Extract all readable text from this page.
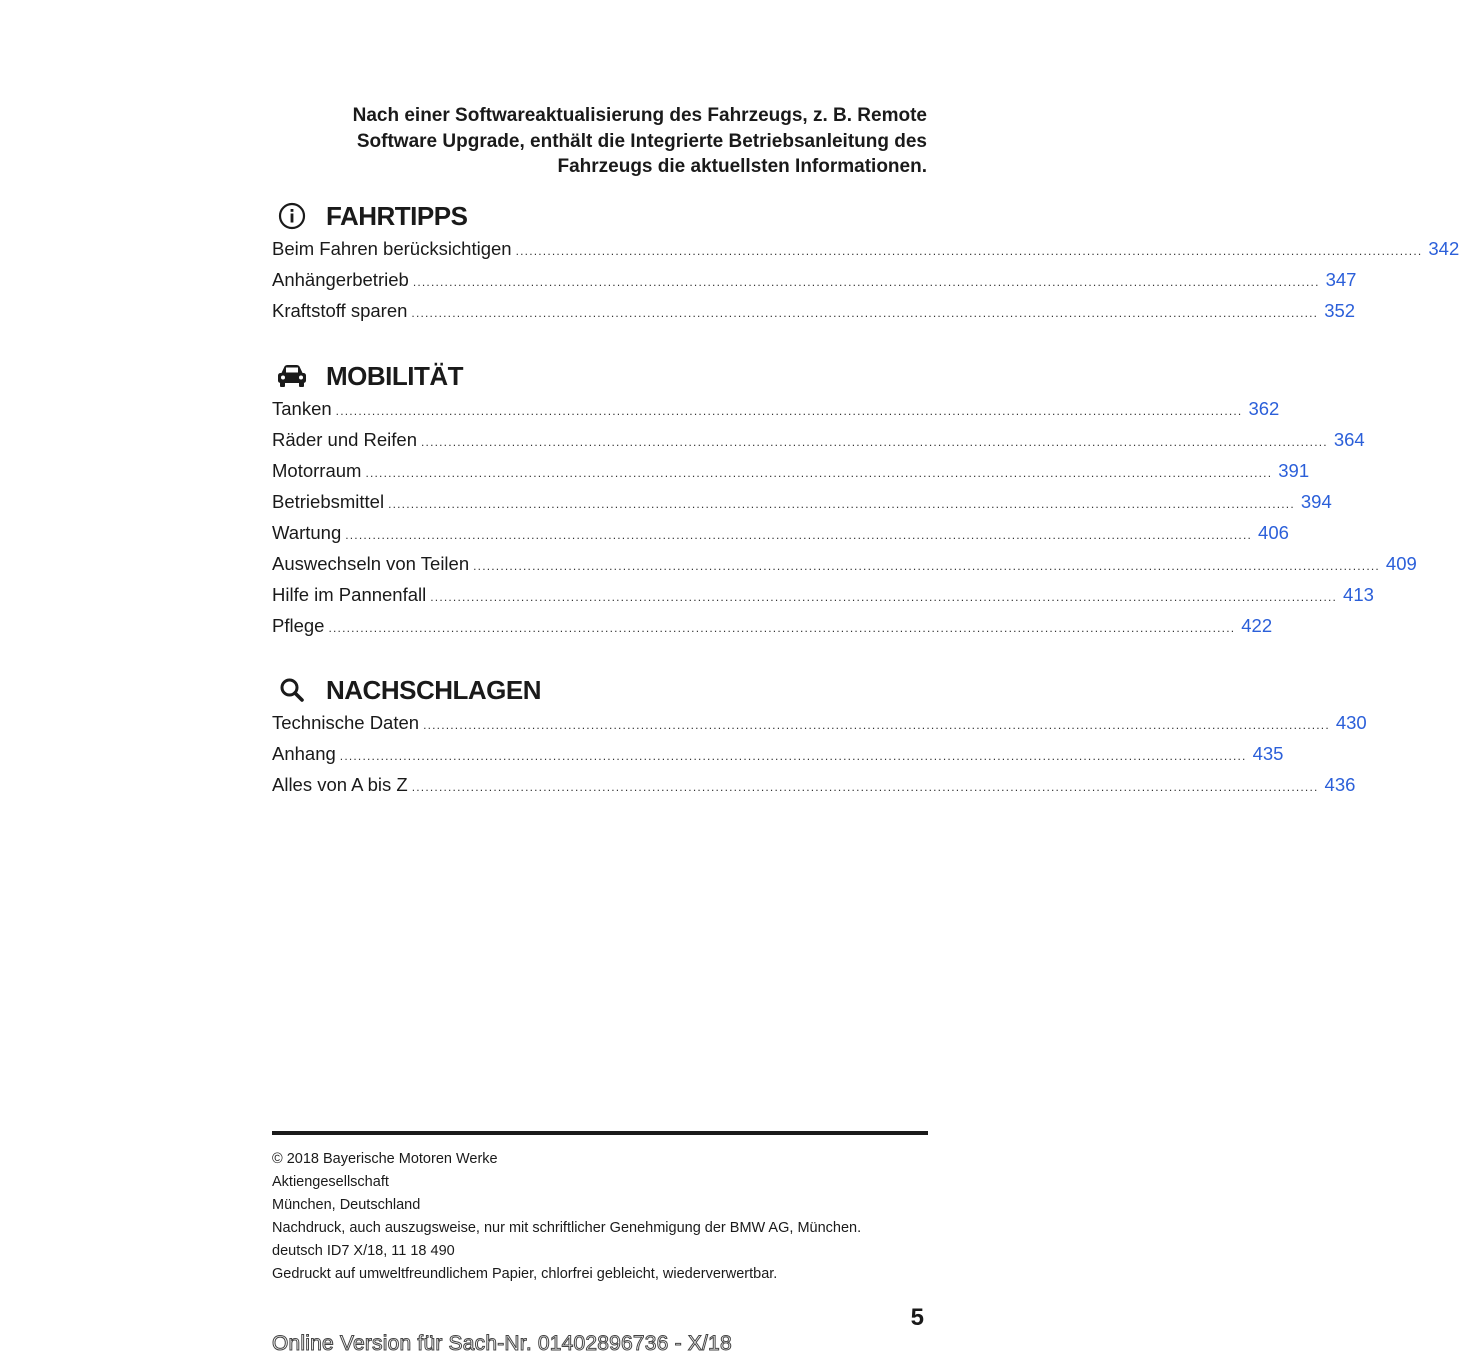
Nach einer Softwareaktualisierung des Fahrzeugs, z. B. Remote Software Upgrade, enthält die Integrierte Betriebsanleitung des Fahrzeugs die aktuellsten Informationen.
FAHRTIPPS
Beim Fahren berücksichtigen ........................................................................................................................................................................................................ 342
Anhängerbetrieb ........................................................................................................................................................................................................ 347
Kraftstoff sparen ........................................................................................................................................................................................................ 352
MOBILITÄT
Tanken ........................................................................................................................................................................................................ 362
Räder und Reifen ........................................................................................................................................................................................................ 364
Motorraum ........................................................................................................................................................................................................ 391
Betriebsmittel ........................................................................................................................................................................................................ 394
Wartung ........................................................................................................................................................................................................ 406
Auswechseln von Teilen ........................................................................................................................................................................................................ 409
Hilfe im Pannenfall ........................................................................................................................................................................................................ 413
Pflege ........................................................................................................................................................................................................ 422
NACHSCHLAGEN
Technische Daten ........................................................................................................................................................................................................ 430
Anhang ........................................................................................................................................................................................................ 435
Alles von A bis Z ........................................................................................................................................................................................................ 436
© 2018 Bayerische Motoren Werke
Aktiengesellschaft
München, Deutschland
Nachdruck, auch auszugsweise, nur mit schriftlicher Genehmigung der BMW AG, München.
deutsch ID7 X/18, 11 18 490
Gedruckt auf umweltfreundlichem Papier, chlorfrei gebleicht, wiederverwertbar.
5
Online Version für Sach-Nr. 01402896736 - X/18
